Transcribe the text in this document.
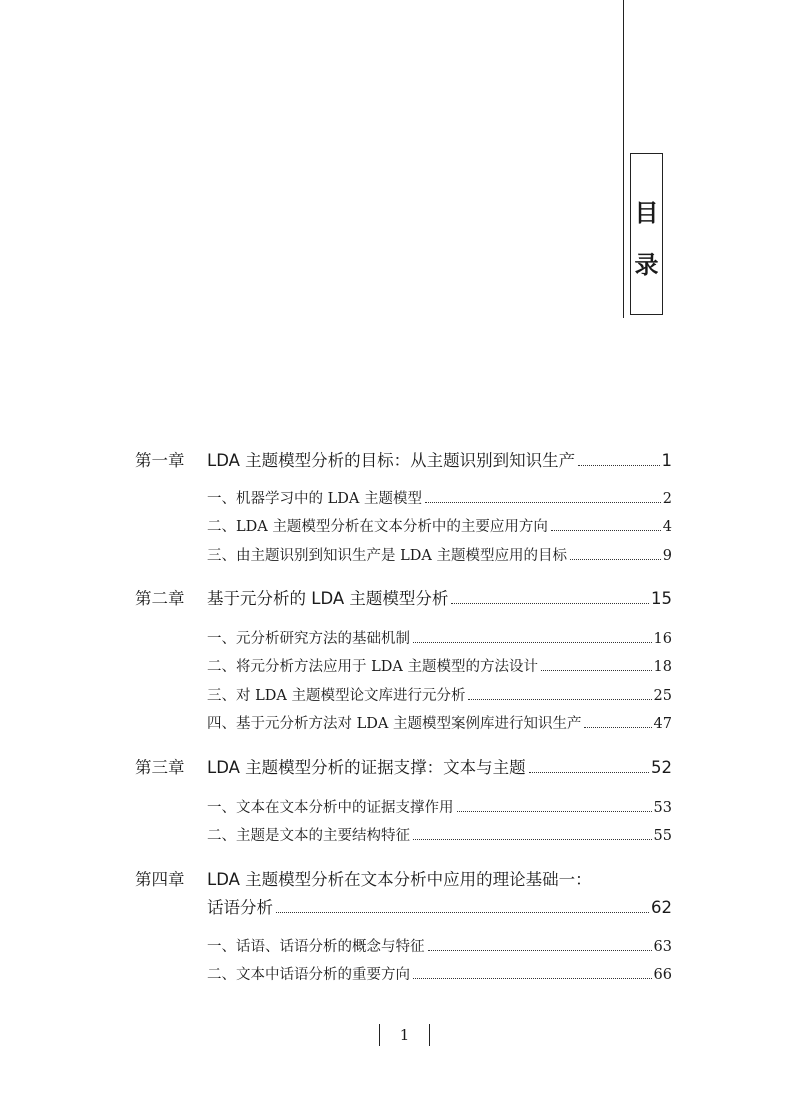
目
录
第一章	LDA 主题模型分析的目标：从主题识别到知识生产	1
一、机器学习中的 LDA 主题模型	2
二、LDA 主题模型分析在文本分析中的主要应用方向	4
三、由主题识别到知识生产是 LDA 主题模型应用的目标	9
第二章	基于元分析的 LDA 主题模型分析	15
一、元分析研究方法的基础机制	16
二、将元分析方法应用于 LDA 主题模型的方法设计	18
三、对 LDA 主题模型论文库进行元分析	25
四、基于元分析方法对 LDA 主题模型案例库进行知识生产	47
第三章	LDA 主题模型分析的证据支撑：文本与主题	52
一、文本在文本分析中的证据支撑作用	53
二、主题是文本的主要结构特征	55
第四章	LDA 主题模型分析在文本分析中应用的理论基础一：
话语分析	62
一、话语、话语分析的概念与特征	63
二、文本中话语分析的重要方向	66
1
